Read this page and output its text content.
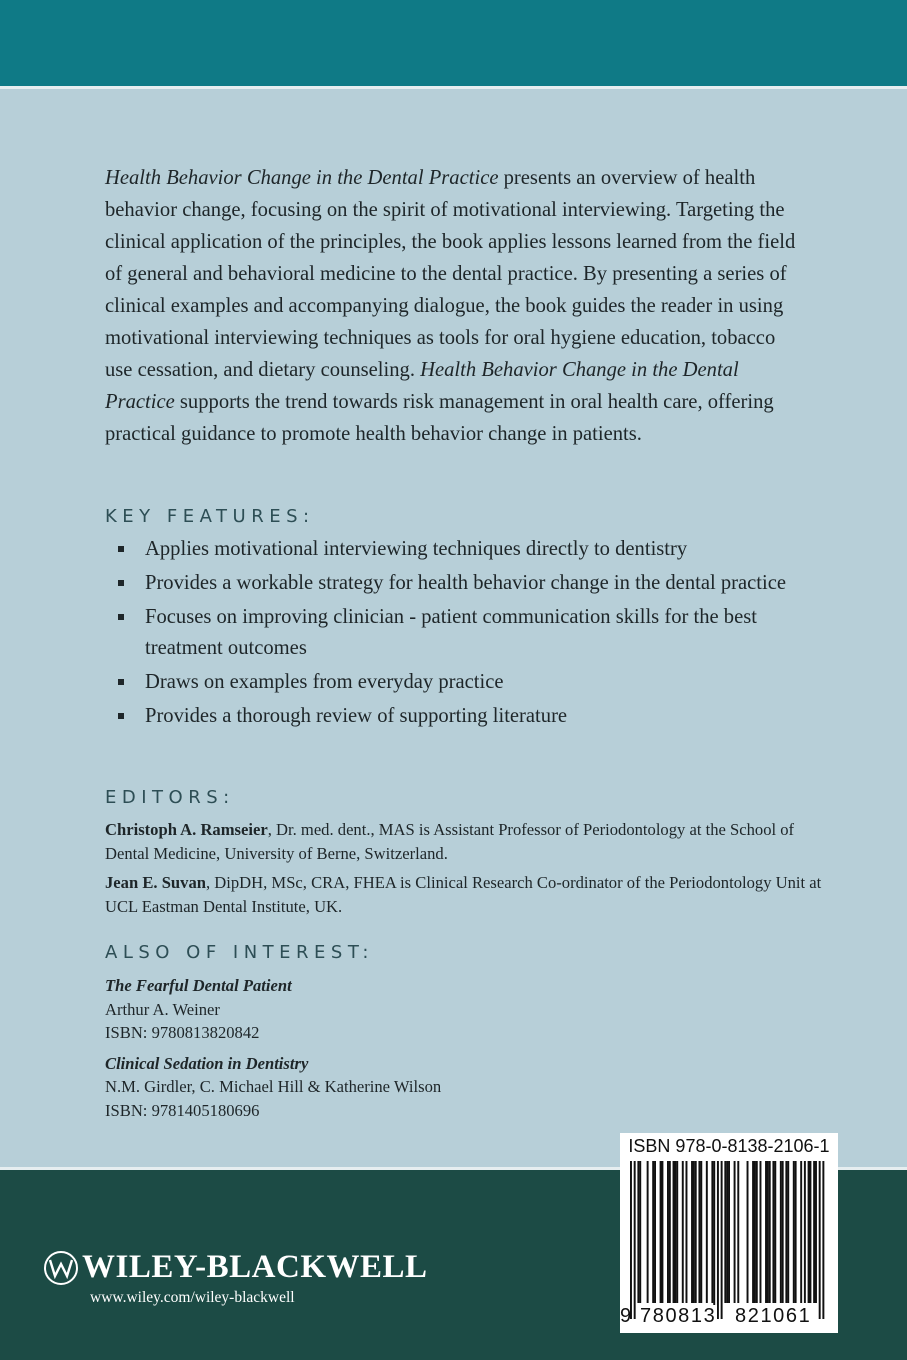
Health Behavior Change in the Dental Practice presents an overview of health behavior change, focusing on the spirit of motivational interviewing. Targeting the clinical application of the principles, the book applies lessons learned from the field of general and behavioral medicine to the dental practice. By presenting a series of clinical examples and accompanying dialogue, the book guides the reader in using motivational interviewing techniques as tools for oral hygiene education, tobacco use cessation, and dietary counseling. Health Behavior Change in the Dental Practice supports the trend towards risk management in oral health care, offering practical guidance to promote health behavior change in patients.

KEY FEATURES:
Applies motivational interviewing techniques directly to dentistry
Provides a workable strategy for health behavior change in the dental practice
Focuses on improving clinician - patient communication skills for the best treatment outcomes
Draws on examples from everyday practice
Provides a thorough review of supporting literature
EDITORS:

Christoph A. Ramseier, Dr. med. dent., MAS is Assistant Professor of Periodontology at the School of Dental Medicine, University of Berne, Switzerland.

Jean E. Suvan, DipDH, MSc, CRA, FHEA is Clinical Research Co-ordinator of the Periodontology Unit at UCL Eastman Dental Institute, UK.

ALSO OF INTEREST:
The Fearful Dental Patient
Arthur A. Weiner
ISBN: 9780813820842
Clinical Sedation in Dentistry
N.M. Girdler, C. Michael Hill & Katherine Wilson
ISBN: 9781405180696
WILEY-BLACKWELL
www.wiley.com/wiley-blackwell
ISBN 978-0-8138-2106-1
9 780813 821061
